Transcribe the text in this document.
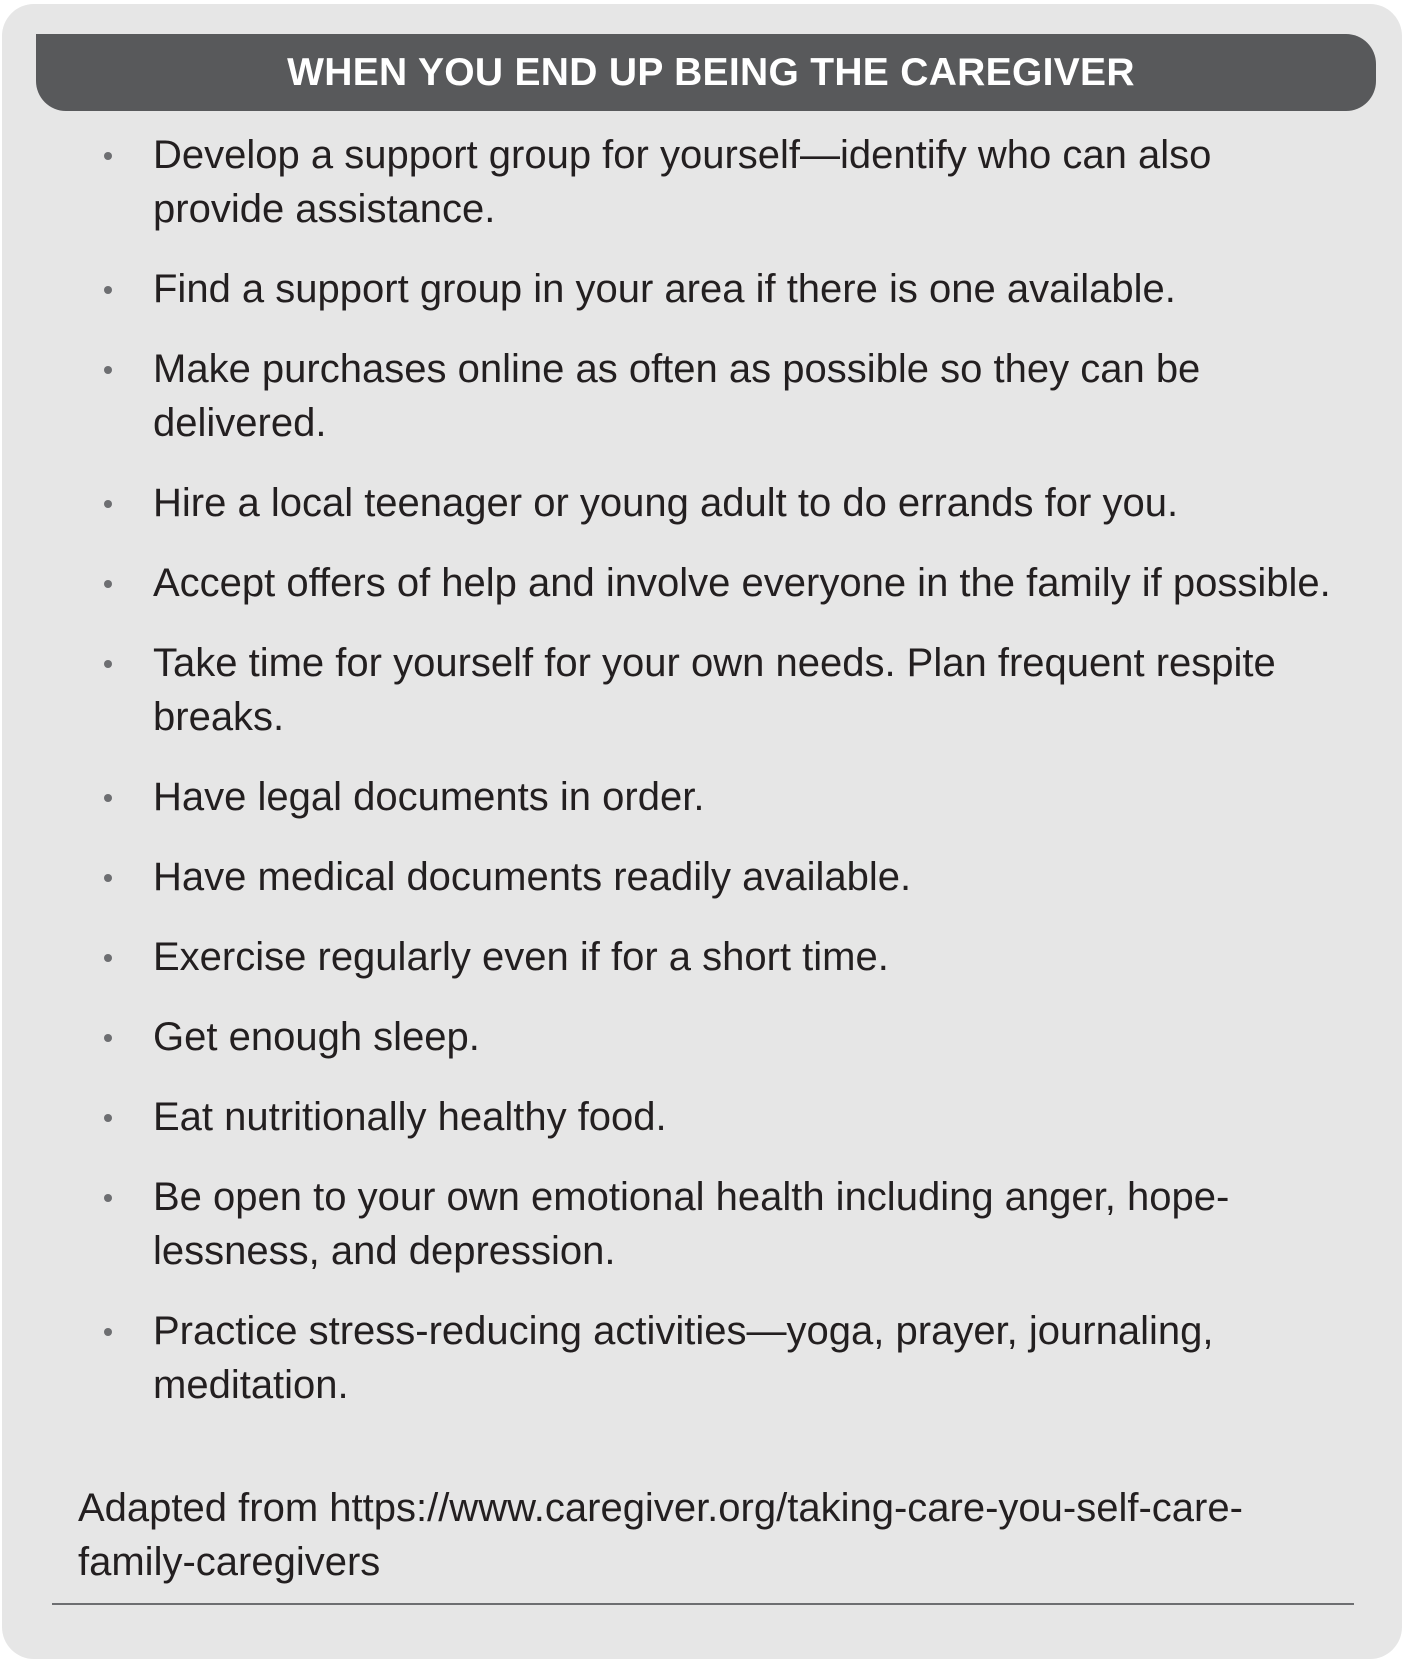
WHEN YOU END UP BEING THE CAREGIVER
Develop a support group for yourself—identify who can also provide assistance.
Find a support group in your area if there is one available.
Make purchases online as often as possible so they can be delivered.
Hire a local teenager or young adult to do errands for you.
Accept offers of help and involve everyone in the family if possible.
Take time for yourself for your own needs. Plan frequent respite breaks.
Have legal documents in order.
Have medical documents readily available.
Exercise regularly even if for a short time.
Get enough sleep.
Eat nutritionally healthy food.
Be open to your own emotional health including anger, hope-lessness, and depression.
Practice stress-reducing activities—yoga, prayer, journaling, meditation.
Adapted from https://www.caregiver.org/taking-care-you-self-care-family-caregivers
